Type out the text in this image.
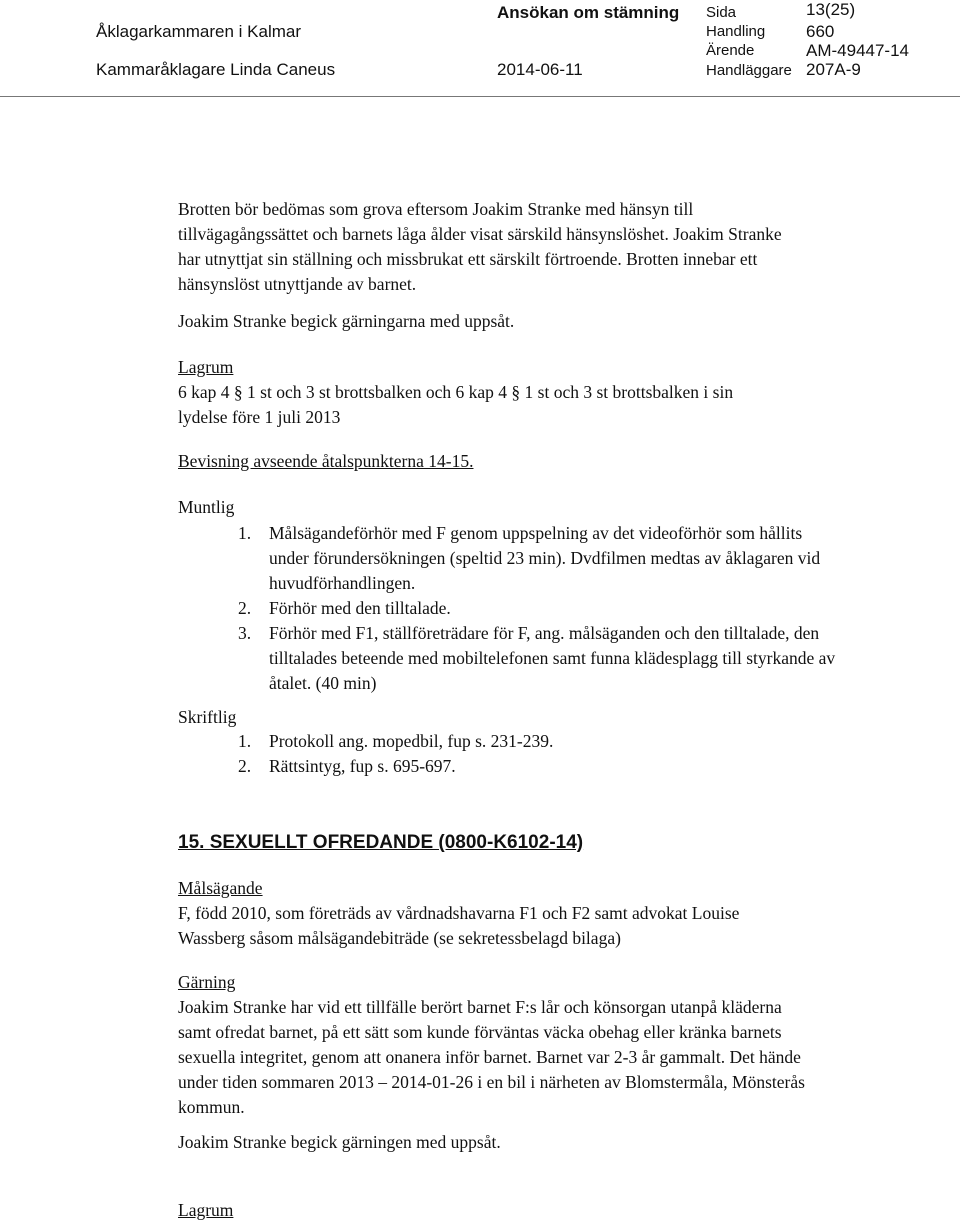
Åklagarkammaren i Kalmar
Ansökan om stämning Sida	13(25)
Handling 660
Ärende	AM-49447-14
Kammaråklagare Linda Caneus	2014-06-11	Handläggare 207A-9
Brotten bör bedömas som grova eftersom Joakim Stranke med hänsyn till tillvägagångssättet och barnets låga ålder visat särskild hänsynslöshet. Joakim Stranke har utnyttjat sin ställning och missbrukat ett särskilt förtroende. Brotten innebar ett hänsynslöst utnyttjande av barnet.
Joakim Stranke begick gärningarna med uppsåt.
Lagrum

6 kap 4 § 1 st och 3 st brottsbalken och 6 kap 4 § 1 st och 3 st brottsbalken i sin

lydelse före 1 juli 2013

Bevisning avseende åtalspunkterna 14-15.
Muntlig
1.	Målsägandeförhör med F genom uppspelning av det videoförhör som hållits under förundersökningen (speltid 23 min). Dvdfilmen medtas av åklagaren vid huvudförhandlingen.
2.	Förhör med den tilltalade.
3.	Förhör med F1, ställföreträdare för F, ang. målsäganden och den tilltalade, den tilltalades beteende med mobiltelefonen samt funna klädesplagg till styrkande av åtalet. (40 min)
Skriftlig
1.	Protokoll ang. mopedbil, fup s. 231-239.
2.	Rättsintyg, fup s. 695-697.
15. SEXUELLT OFREDANDE (0800-K6102-14)
Målsägande
F, född 2010, som företräds av vårdnadshavarna F1 och F2 samt advokat Louise Wassberg såsom målsägandebiträde (se sekretessbelagd bilaga)
Gärning
Joakim Stranke har vid ett tillfälle berört barnet F:s lår och könsorgan utanpå kläderna samt ofredat barnet, på ett sätt som kunde förväntas väcka obehag eller kränka barnets sexuella integritet, genom att onanera inför barnet. Barnet var 2-3 år gammalt. Det hände under tiden sommaren 2013 – 2014-01-26 i en bil i närheten av Blomstermåla, Mönsterås kommun.
Joakim Stranke begick gärningen med uppsåt.
Lagrum
